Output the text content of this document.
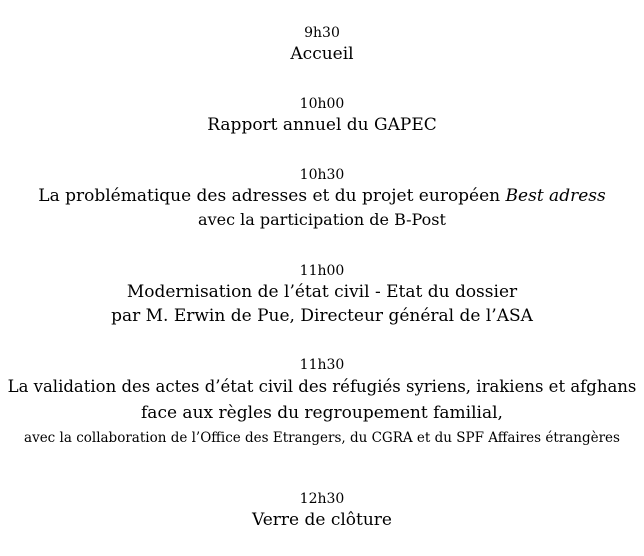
9h30
Accueil
10h00
Rapport annuel du GAPEC
10h30
La problématique des adresses et du projet européen Best adress
avec la participation de B-Post
11h00
Modernisation de l’état civil - Etat du dossier
par M. Erwin de Pue, Directeur général de l’ASA
11h30
La validation des actes d’état civil des réfugiés syriens, irakiens et afghans
face aux règles du regroupement familial,
avec la collaboration de l’Office des Etrangers, du CGRA et du SPF Affaires étrangères
12h30
Verre de clôture
